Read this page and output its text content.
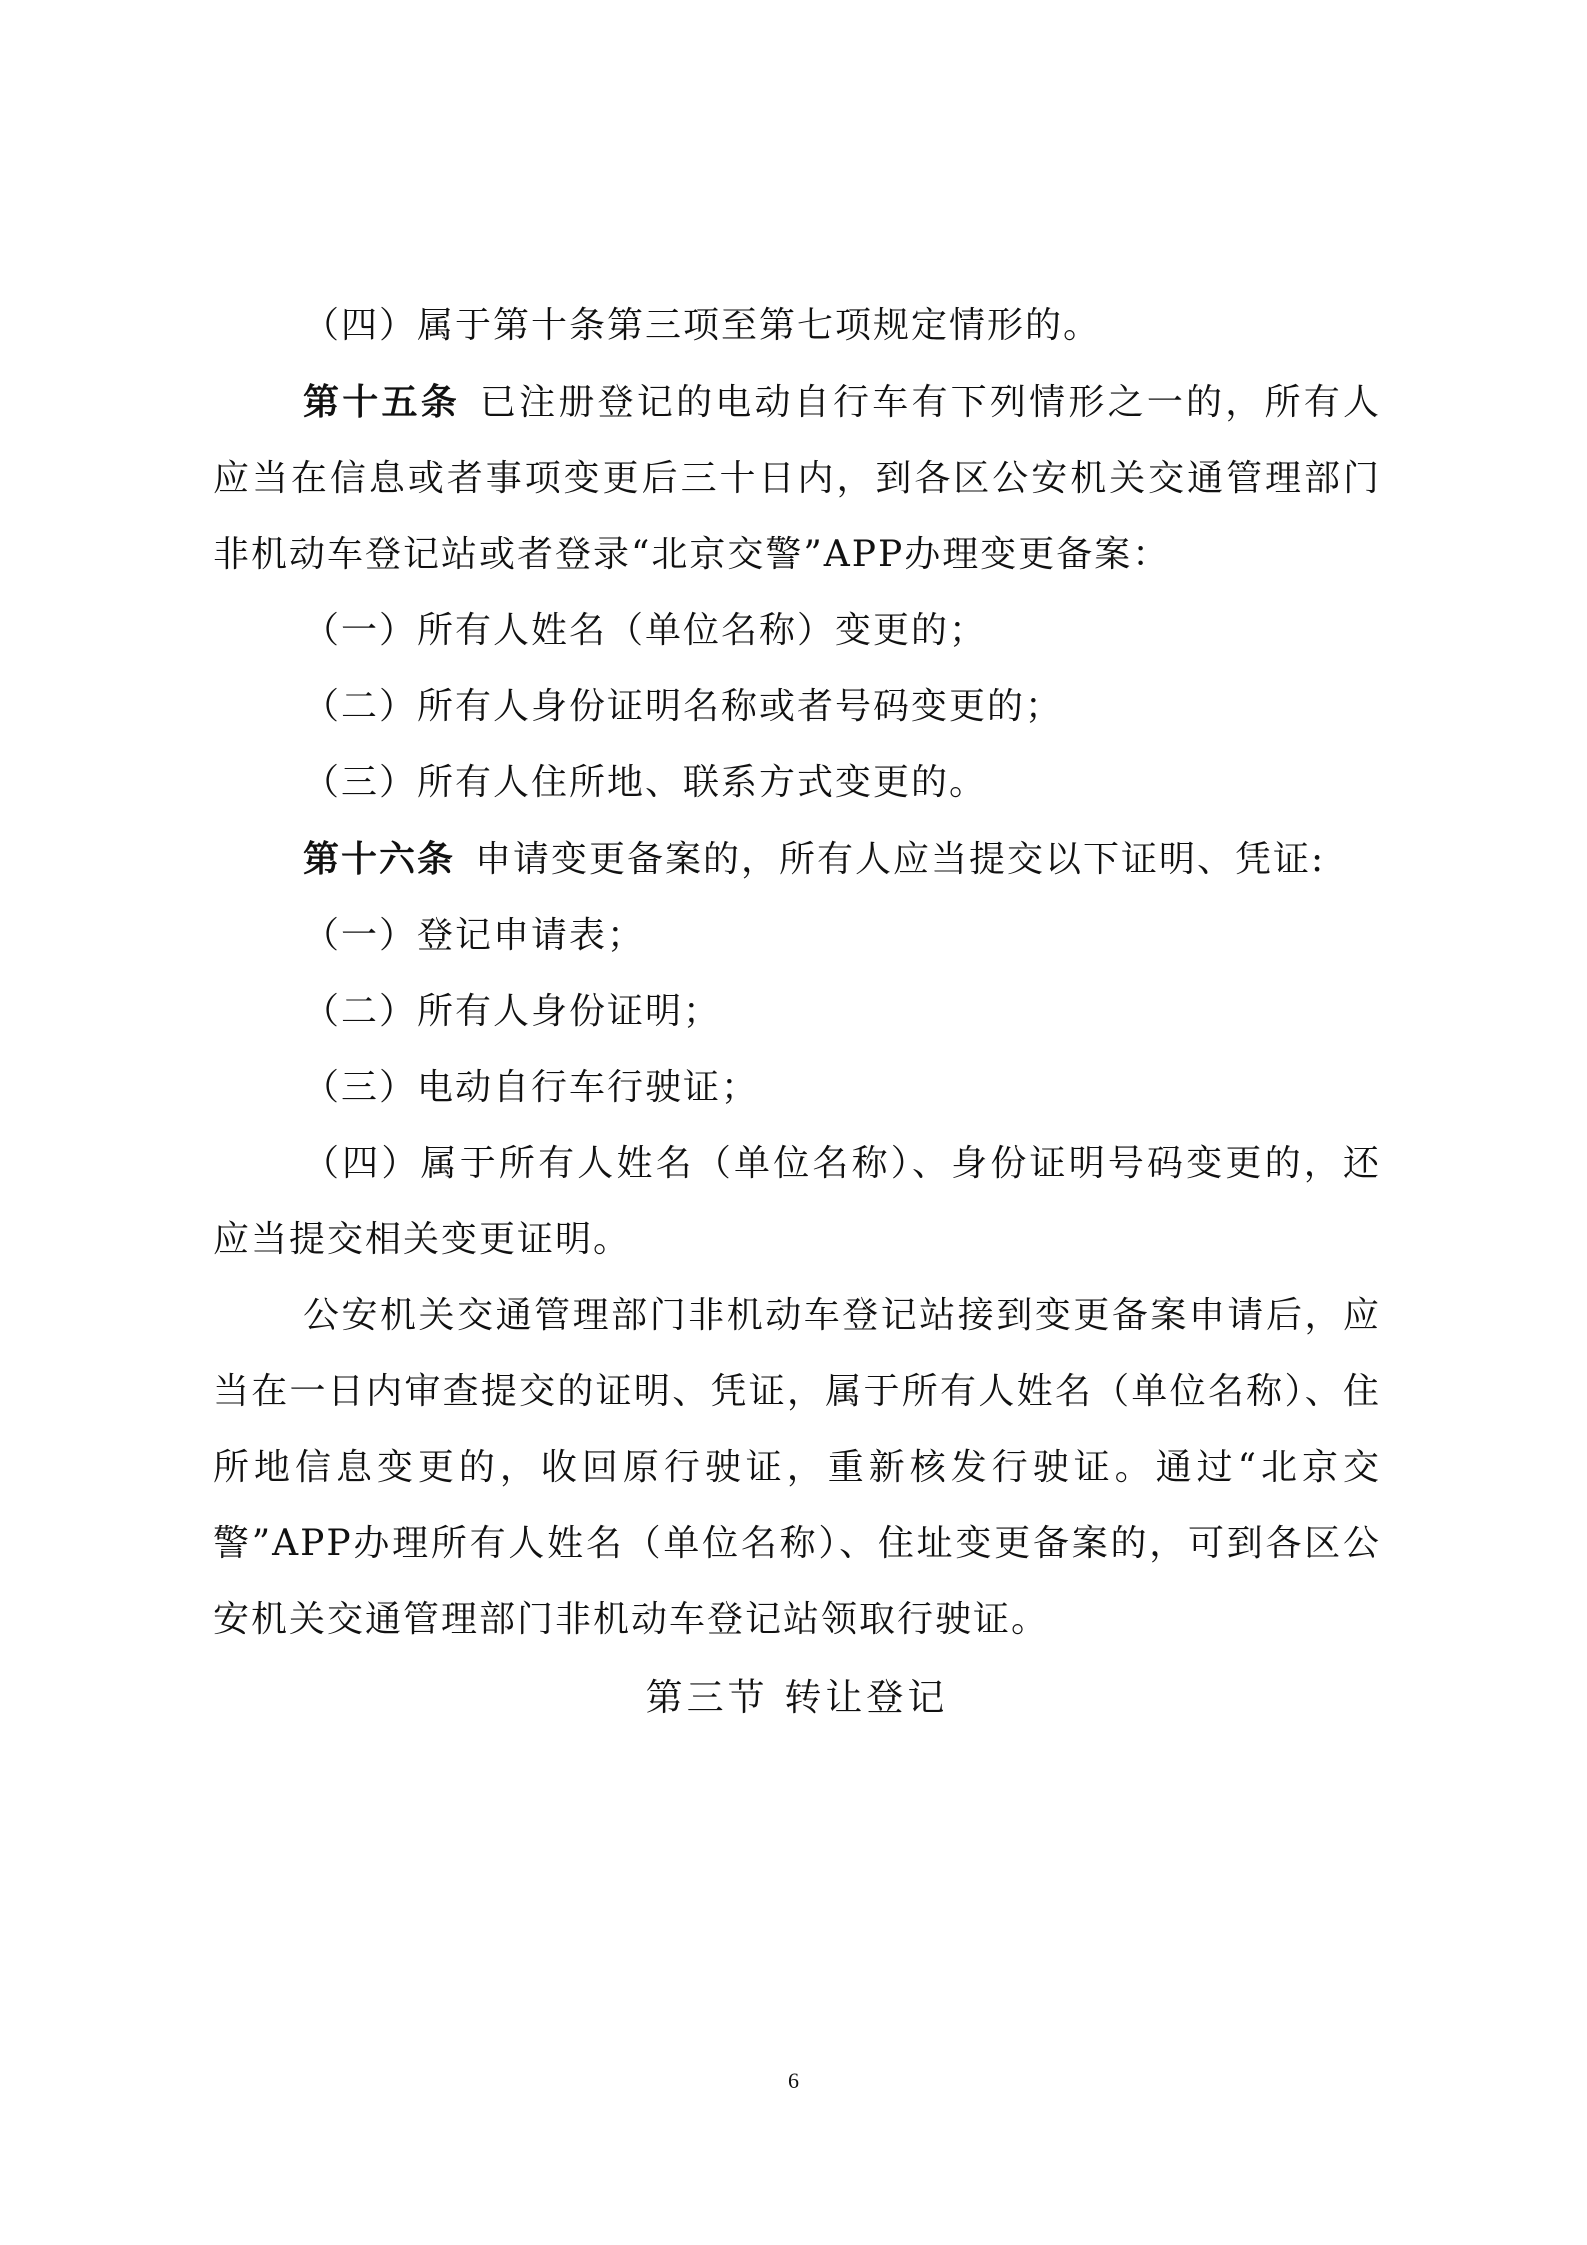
（四）属于第十条第三项至第七项规定情形的。

第十五条 已注册登记的电动自行车有下列情形之一的，所有人应当在信息或者事项变更后三十日内，到各区公安机关交通管理部门非机动车登记站或者登录“北京交警”APP办理变更备案：

（一）所有人姓名（单位名称）变更的；

（二）所有人身份证明名称或者号码变更的；

（三）所有人住所地、联系方式变更的。

第十六条 申请变更备案的，所有人应当提交以下证明、凭证:

（一）登记申请表；

（二）所有人身份证明；

（三）电动自行车行驶证；

（四）属于所有人姓名（单位名称）、身份证明号码变更的，还应当提交相关变更证明。

公安机关交通管理部门非机动车登记站接到变更备案申请后，应当在一日内审查提交的证明、凭证，属于所有人姓名（单位名称）、住所地信息变更的，收回原行驶证，重新核发行驶证。通过“北京交警”APP办理所有人姓名（单位名称）、住址变更备案的，可到各区公安机关交通管理部门非机动车登记站领取行驶证。

第三节 转让登记

6
